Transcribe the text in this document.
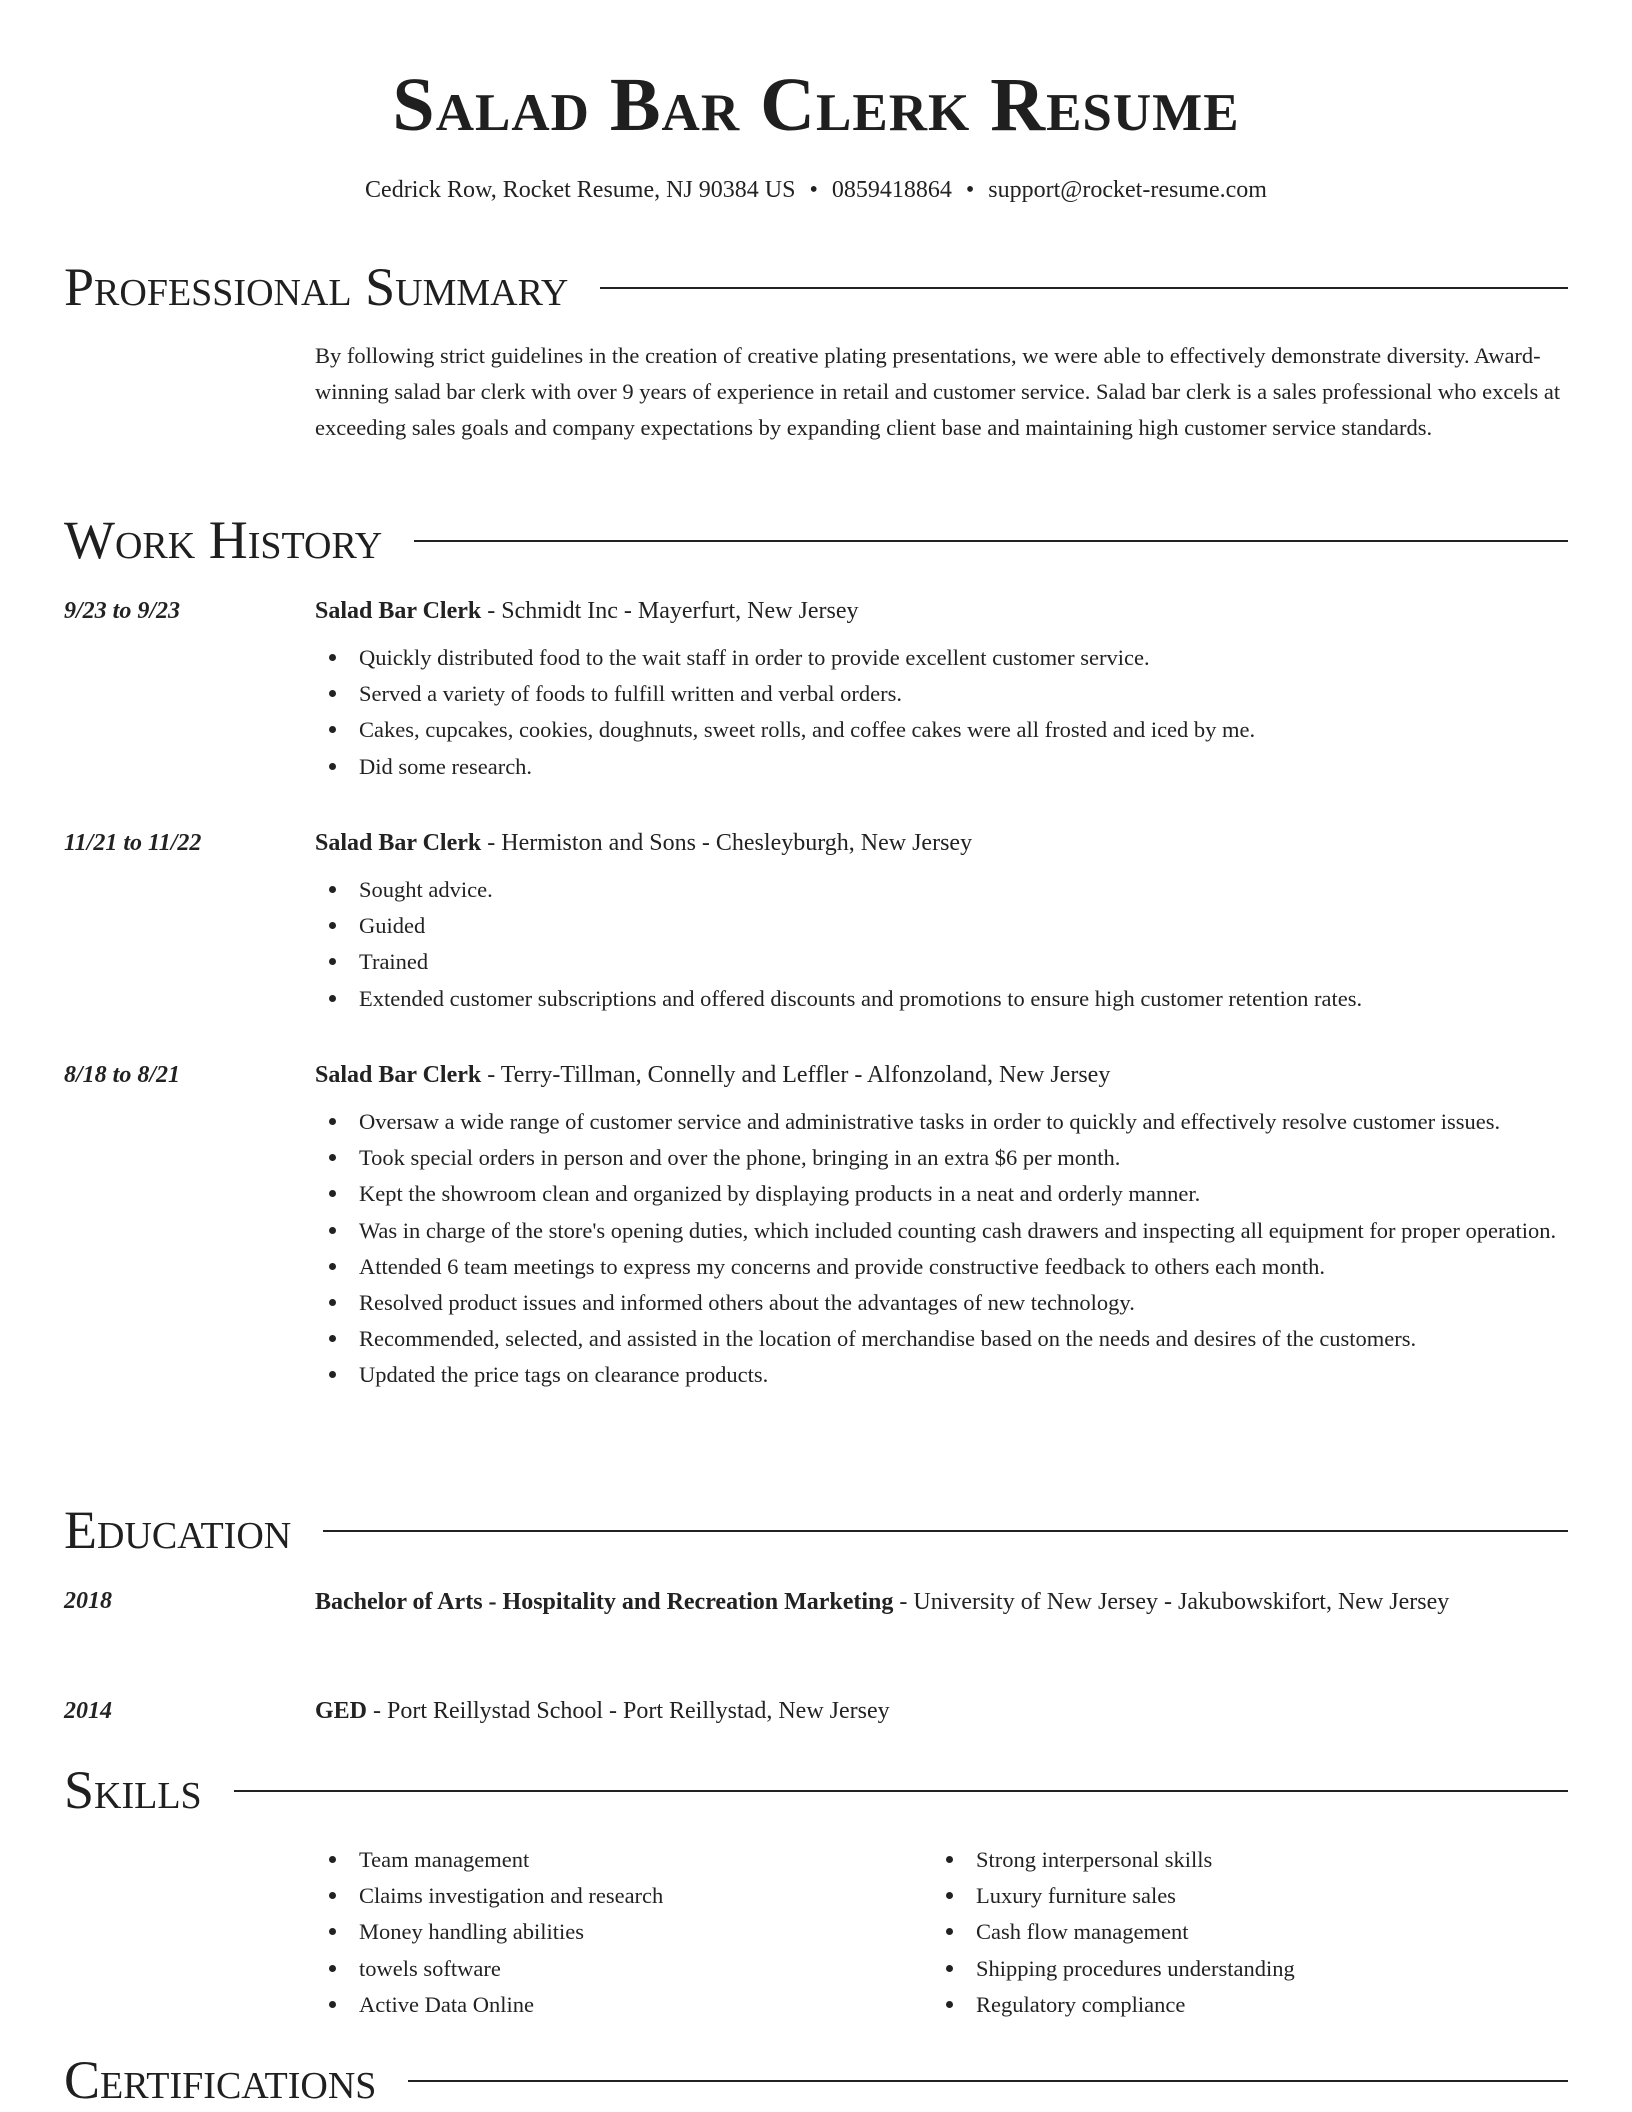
Salad Bar Clerk Resume
Cedrick Row, Rocket Resume, NJ 90384 US • 0859418864 • support@rocket-resume.com
Professional Summary

By following strict guidelines in the creation of creative plating presentations, we were able to effectively demonstrate diversity. Award-winning salad bar clerk with over 9 years of experience in retail and customer service. Salad bar clerk is a sales professional who excels at exceeding sales goals and company expectations by expanding client base and maintaining high customer service standards.

Work History
9/23 to 9/23	Salad Bar Clerk - Schmidt Inc - Mayerfurt, New Jersey
Quickly distributed food to the wait staff in order to provide excellent customer service.
Served a variety of foods to fulfill written and verbal orders.
Cakes, cupcakes, cookies, doughnuts, sweet rolls, and coffee cakes were all frosted and iced by me.
Did some research.
11/21 to 11/22	Salad Bar Clerk - Hermiston and Sons - Chesleyburgh, New Jersey
Sought advice.
Guided
Trained
Extended customer subscriptions and offered discounts and promotions to ensure high customer retention rates.
8/18 to 8/21	Salad Bar Clerk - Terry-Tillman, Connelly and Leffler - Alfonzoland, New Jersey
Oversaw a wide range of customer service and administrative tasks in order to quickly and effectively resolve customer issues.
Took special orders in person and over the phone, bringing in an extra $6 per month.
Kept the showroom clean and organized by displaying products in a neat and orderly manner.
Was in charge of the store's opening duties, which included counting cash drawers and inspecting all equipment for proper operation.
Attended 6 team meetings to express my concerns and provide constructive feedback to others each month.
Resolved product issues and informed others about the advantages of new technology.
Recommended, selected, and assisted in the location of merchandise based on the needs and desires of the customers.
Updated the price tags on clearance products.
Education
2018	Bachelor of Arts - Hospitality and Recreation Marketing - University of New Jersey - Jakubowskifort, New Jersey
2014	GED - Port Reillystad School - Port Reillystad, New Jersey
Skills
Team management
Claims investigation and research
Money handling abilities
towels software
Active Data Online
Strong interpersonal skills
Luxury furniture sales
Cash flow management
Shipping procedures understanding
Regulatory compliance
Certifications
